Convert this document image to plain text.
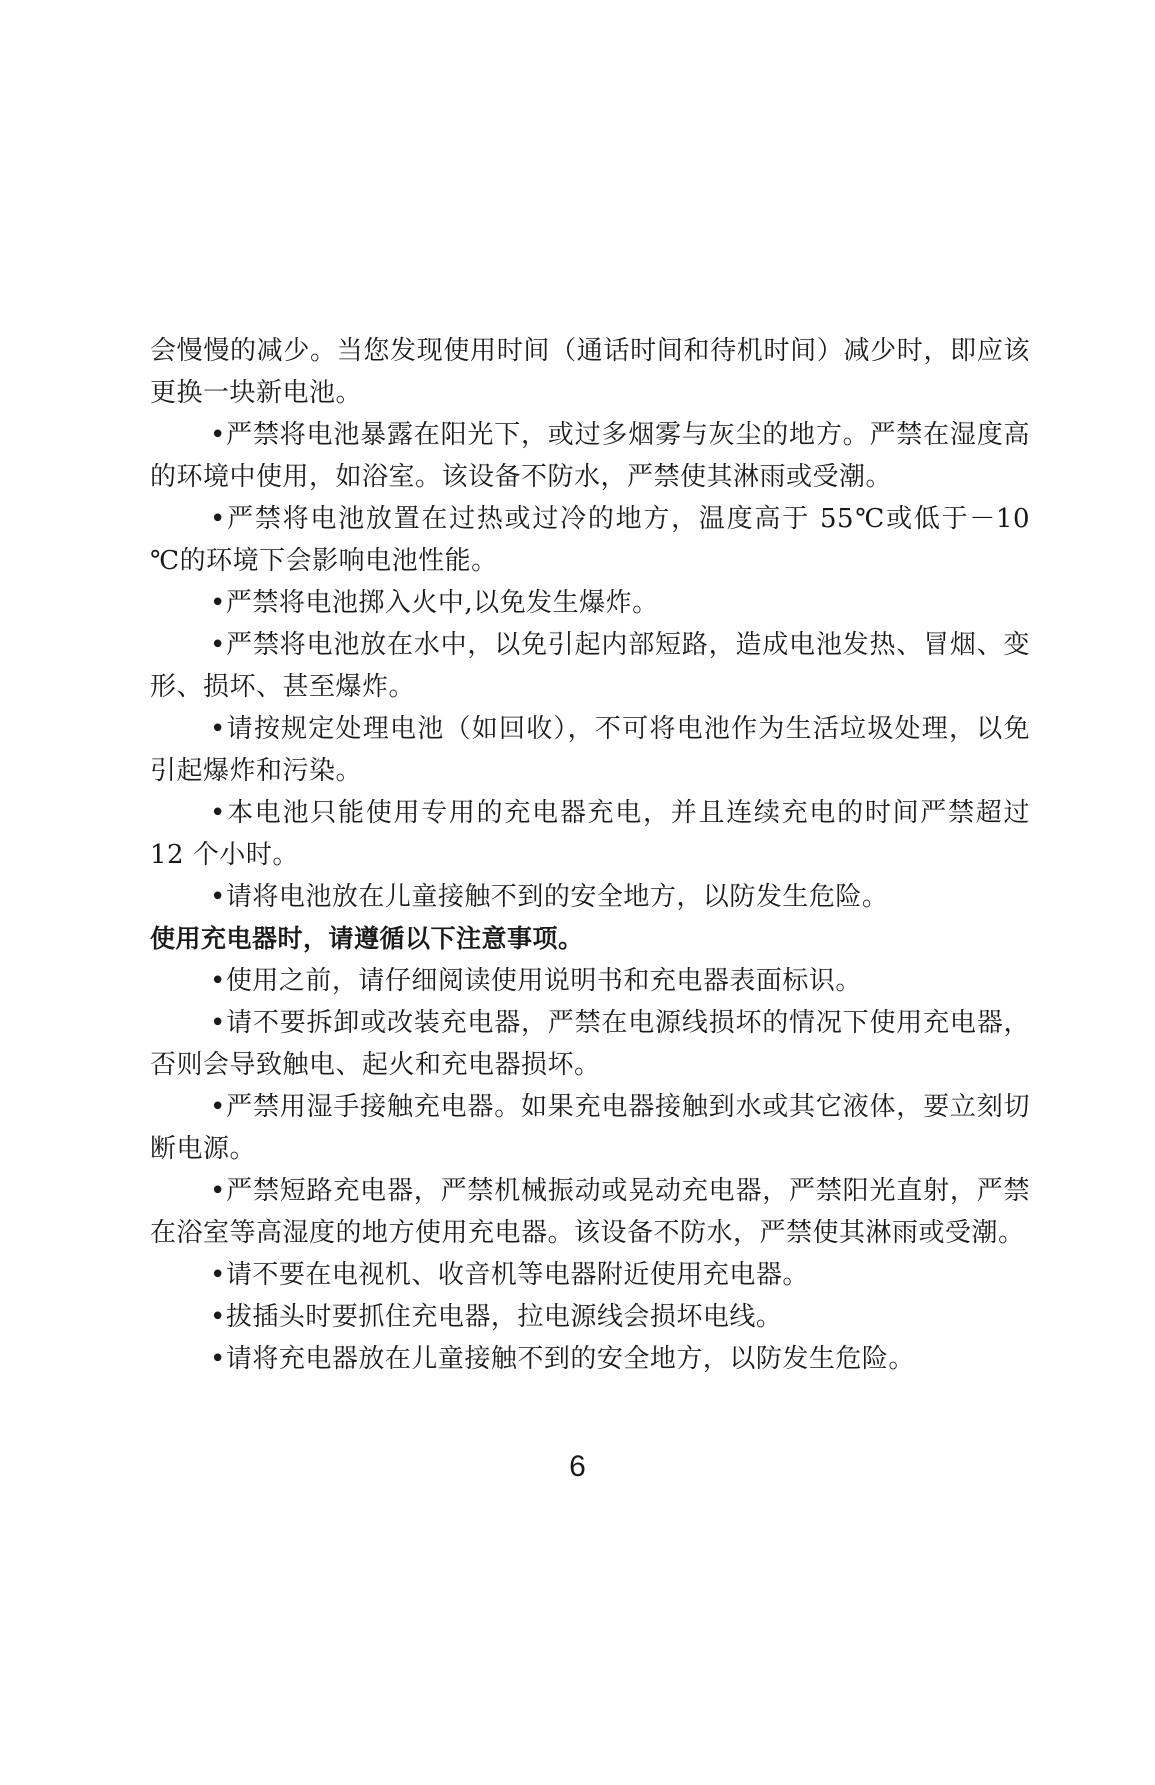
会慢慢的减少。当您发现使用时间（通话时间和待机时间）减少时，即应该更换一块新电池。

•严禁将电池暴露在阳光下，或过多烟雾与灰尘的地方。严禁在湿度高的环境中使用，如浴室。该设备不防水，严禁使其淋雨或受潮。

•严禁将电池放置在过热或过冷的地方，温度高于 55℃或低于－10 ℃的环境下会影响电池性能。

•严禁将电池掷入火中,以免发生爆炸。

•严禁将电池放在水中，以免引起内部短路，造成电池发热、冒烟、变形、损坏、甚至爆炸。

•请按规定处理电池（如回收），不可将电池作为生活垃圾处理，以免引起爆炸和污染。

•本电池只能使用专用的充电器充电，并且连续充电的时间严禁超过 12 个小时。

•请将电池放在儿童接触不到的安全地方，以防发生危险。

使用充电器时，请遵循以下注意事项。

•使用之前，请仔细阅读使用说明书和充电器表面标识。

•请不要拆卸或改装充电器，严禁在电源线损坏的情况下使用充电器，否则会导致触电、起火和充电器损坏。

•严禁用湿手接触充电器。如果充电器接触到水或其它液体，要立刻切断电源。

•严禁短路充电器，严禁机械振动或晃动充电器，严禁阳光直射，严禁在浴室等高湿度的地方使用充电器。该设备不防水，严禁使其淋雨或受潮。

•请不要在电视机、收音机等电器附近使用充电器。

•拔插头时要抓住充电器，拉电源线会损坏电线。

•请将充电器放在儿童接触不到的安全地方，以防发生危险。

6
